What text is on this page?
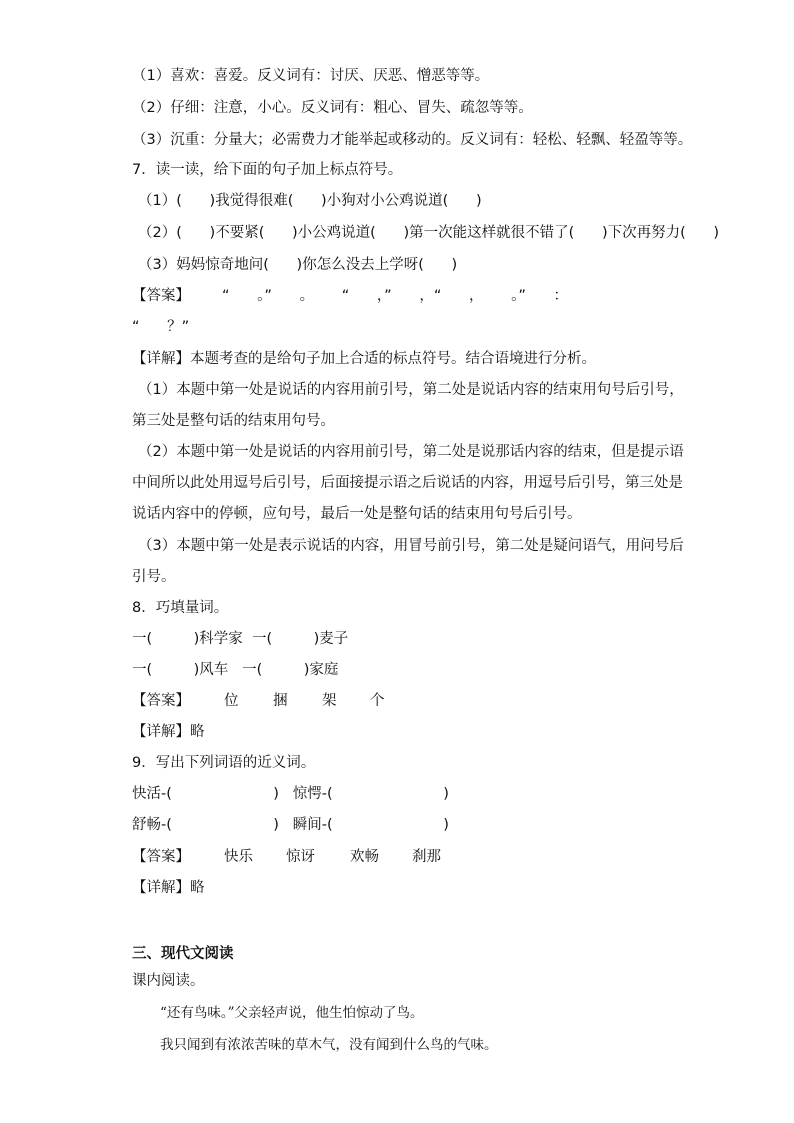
（1）喜欢：喜爱。反义词有：讨厌、厌恶、憎恶等等。
（2）仔细：注意，小心。反义词有：粗心、冒失、疏忽等等。
（3）沉重：分量大；必需费力才能举起或移动的。反义词有：轻松、轻飘、轻盈等等。
7．读一读，给下面的句子加上标点符号。
（1）(      )我觉得很难(      )小狗对小公鸡说道(      )
（2）(      )不要紧(      )小公鸡说道(      )第一次能这样就很不错了(      )下次再努力(      )
（3）妈妈惊奇地问(      )你怎么没去上学呀(      )
【答案】 “      。”      。      “      ，”      ，“      ，      。”      ：
“      ？”
【详解】本题考查的是给句子加上合适的标点符号。结合语境进行分析。
（1）本题中第一处是说话的内容用前引号，第二处是说话内容的结束用句号后引号，
第三处是整句话的结束用句号。
（2）本题中第一处是说话的内容用前引号，第二处是说那话内容的结束，但是提示语
中间所以此处用逗号后引号，后面接提示语之后说话的内容，用逗号后引号，第三处是
说话内容中的停顿，应句号，最后一处是整句话的结束用句号后引号。
（3）本题中第一处是表示说话的内容，用冒号前引号，第二处是疑问语气，用问号后
引号。
8．巧填量词。
一(         )科学家  一(         )麦子
一(         )风车   一(         )家庭
【答案】 位 捆 架 个
【详解】略
9．写出下列词语的近义词。
快活-(                      )   惊愕-(                        )
舒畅-(                      )   瞬间-(                        )
【答案】 快乐 惊讶 欢畅 刹那
【详解】略
三、现代文阅读
课内阅读。
“还有鸟味。”父亲轻声说，他生怕惊动了鸟。
我只闻到有浓浓苦味的草木气，没有闻到什么鸟的气味。
